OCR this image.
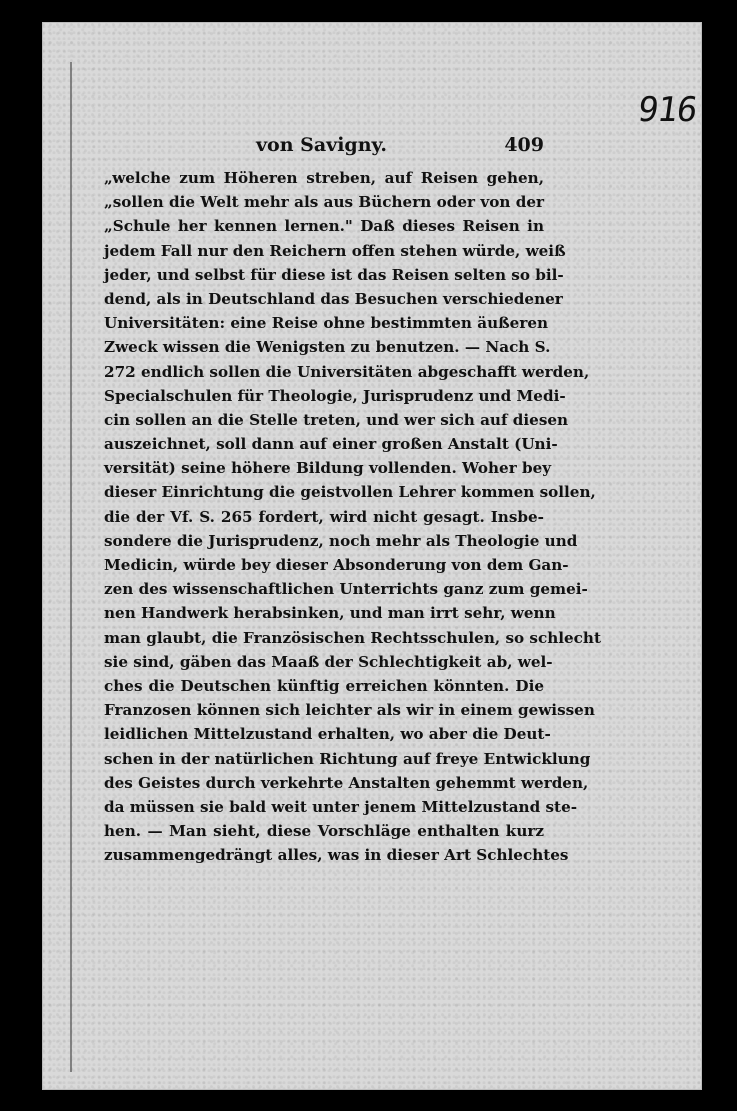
916
von Savigny.	409
„welche zum Höheren streben, auf Reisen gehen,
„sollen die Welt mehr als aus Büchern oder von der
„Schule her kennen lernen." Daß dieses Reisen in
jedem Fall nur den Reichern offen stehen würde, weiß
jeder, und selbst für diese ist das Reisen selten so bil-
dend, als in Deutschland das Besuchen verschiedener
Universitäten: eine Reise ohne bestimmten äußeren
Zweck wissen die Wenigsten zu benutzen. — Nach S.
272 endlich sollen die Universitäten abgeschafft werden,
Specialschulen für Theologie, Jurisprudenz und Medi-
cin sollen an die Stelle treten, und wer sich auf diesen
auszeichnet, soll dann auf einer großen Anstalt (Uni-
versität) seine höhere Bildung vollenden. Woher bey
dieser Einrichtung die geistvollen Lehrer kommen sollen,
die der Vf. S. 265 fordert, wird nicht gesagt. Insbe-
sondere die Jurisprudenz, noch mehr als Theologie und
Medicin, würde bey dieser Absonderung von dem Gan-
zen des wissenschaftlichen Unterrichts ganz zum gemei-
nen Handwerk herabsinken, und man irrt sehr, wenn
man glaubt, die Französischen Rechtsschulen, so schlecht
sie sind, gäben das Maaß der Schlechtigkeit ab, wel-
ches die Deutschen künftig erreichen könnten. Die
Franzosen können sich leichter als wir in einem gewissen
leidlichen Mittelzustand erhalten, wo aber die Deut-
schen in der natürlichen Richtung auf freye Entwicklung
des Geistes durch verkehrte Anstalten gehemmt werden,
da müssen sie bald weit unter jenem Mittelzustand ste-
hen. — Man sieht, diese Vorschläge enthalten kurz
zusammengedrängt alles, was in dieser Art Schlechtes
